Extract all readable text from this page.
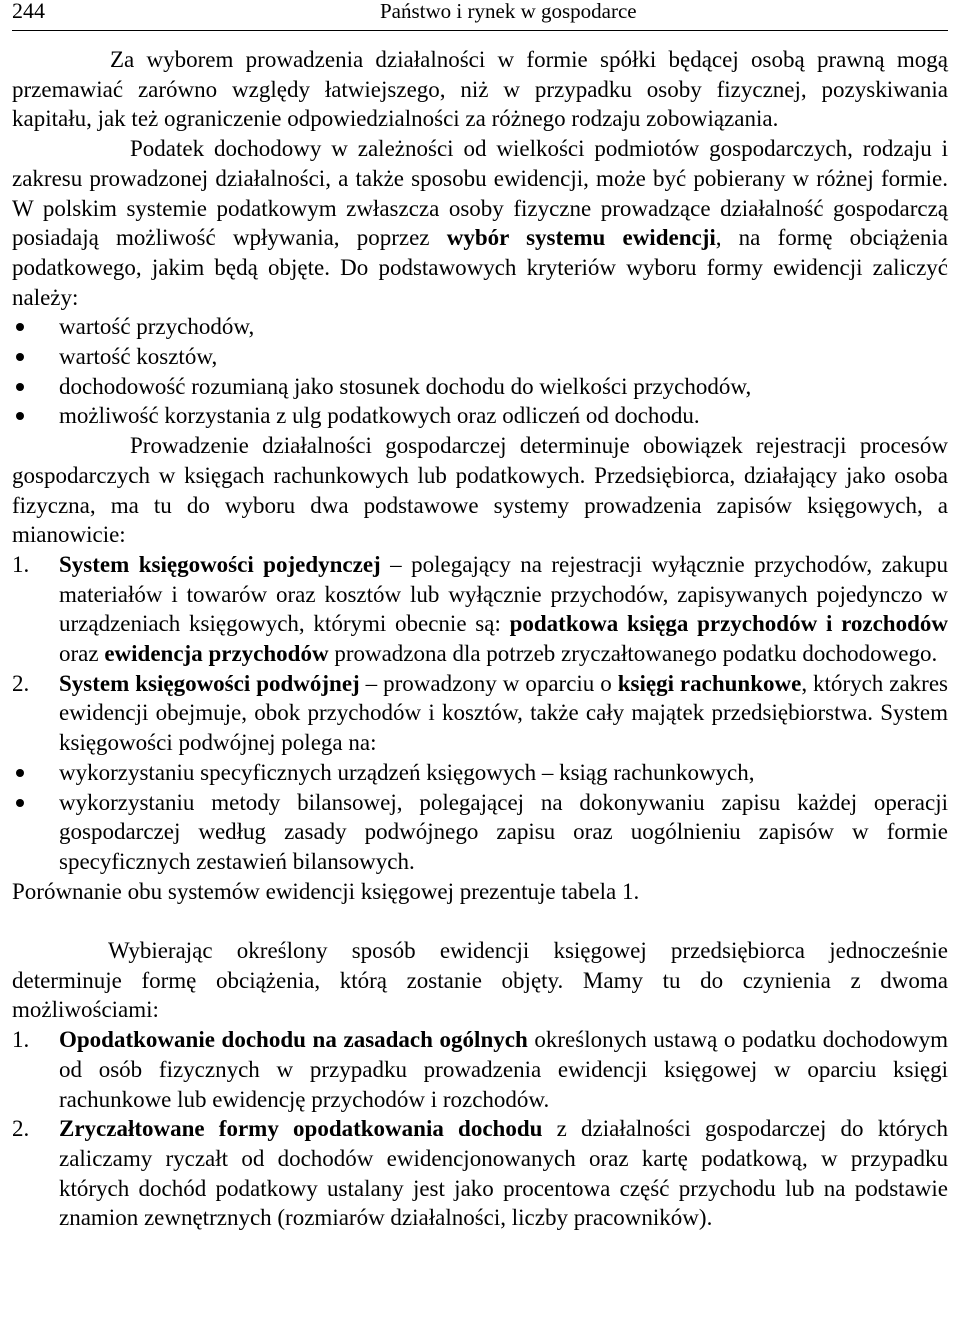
244	Państwo i rynek w gospodarce

Za wyborem prowadzenia działalności w formie spółki będącej osobą prawną mogą przemawiać zarówno względy łatwiejszego, niż w przypadku osoby fizycznej, pozyskiwania kapitału, jak też ograniczenie odpowiedzialności za różnego rodzaju zobowiązania.

Podatek dochodowy w zależności od wielkości podmiotów gospodarczych, rodzaju i zakresu prowadzonej działalności, a także sposobu ewidencji, może być pobierany w różnej formie. W polskim systemie podatkowym zwłaszcza osoby fizyczne prowadzące działalność gospodarczą posiadają możliwość wpływania, poprzez wybór systemu ewidencji, na formę obciążenia podatkowego, jakim będą objęte. Do podstawowych kryteriów wyboru formy ewidencji zaliczyć należy:

wartość przychodów,
wartość kosztów,
dochodowość rozumianą jako stosunek dochodu do wielkości przychodów,
możliwość korzystania z ulg podatkowych oraz odliczeń od dochodu.

Prowadzenie działalności gospodarczej determinuje obowiązek rejestracji procesów gospodarczych w księgach rachunkowych lub podatkowych. Przedsiębiorca, działający jako osoba fizyczna, ma tu do wyboru dwa podstawowe systemy prowadzenia zapisów księgowych, a mianowicie:

1. System księgowości pojedynczej – polegający na rejestracji wyłącznie przychodów, zakupu materiałów i towarów oraz kosztów lub wyłącznie przychodów, zapisywanych pojedynczo w urządzeniach księgowych, którymi obecnie są: podatkowa księga przychodów i rozchodów oraz ewidencja przychodów prowadzona dla potrzeb zryczałtowanego podatku dochodowego.
2. System księgowości podwójnej – prowadzony w oparciu o księgi rachunkowe, których zakres ewidencji obejmuje, obok przychodów i kosztów, także cały majątek przedsiębiorstwa. System księgowości podwójnej polega na:
wykorzystaniu specyficznych urządzeń księgowych – ksiąg rachunkowych,
wykorzystaniu metody bilansowej, polegającej na dokonywaniu zapisu każdej operacji gospodarczej według zasady podwójnego zapisu oraz uogólnieniu zapisów w formie specyficznych zestawień bilansowych.

Porównanie obu systemów ewidencji księgowej prezentuje tabela 1.

Wybierając określony sposób ewidencji księgowej przedsiębiorca jednocześnie determinuje formę obciążenia, którą zostanie objęty. Mamy tu do czynienia z dwoma możliwościami:

1. Opodatkowanie dochodu na zasadach ogólnych określonych ustawą o podatku dochodowym od osób fizycznych w przypadku prowadzenia ewidencji księgowej w oparciu księgi rachunkowe lub ewidencję przychodów i rozchodów.
2. Zryczałtowane formy opodatkowania dochodu z działalności gospodarczej do których zaliczamy ryczałt od dochodów ewidencjonowanych oraz kartę podatkową, w przypadku których dochód podatkowy ustalany jest jako procentowa część przychodu lub na podstawie znamion zewnętrznych (rozmiarów działalności, liczby pracowników).
